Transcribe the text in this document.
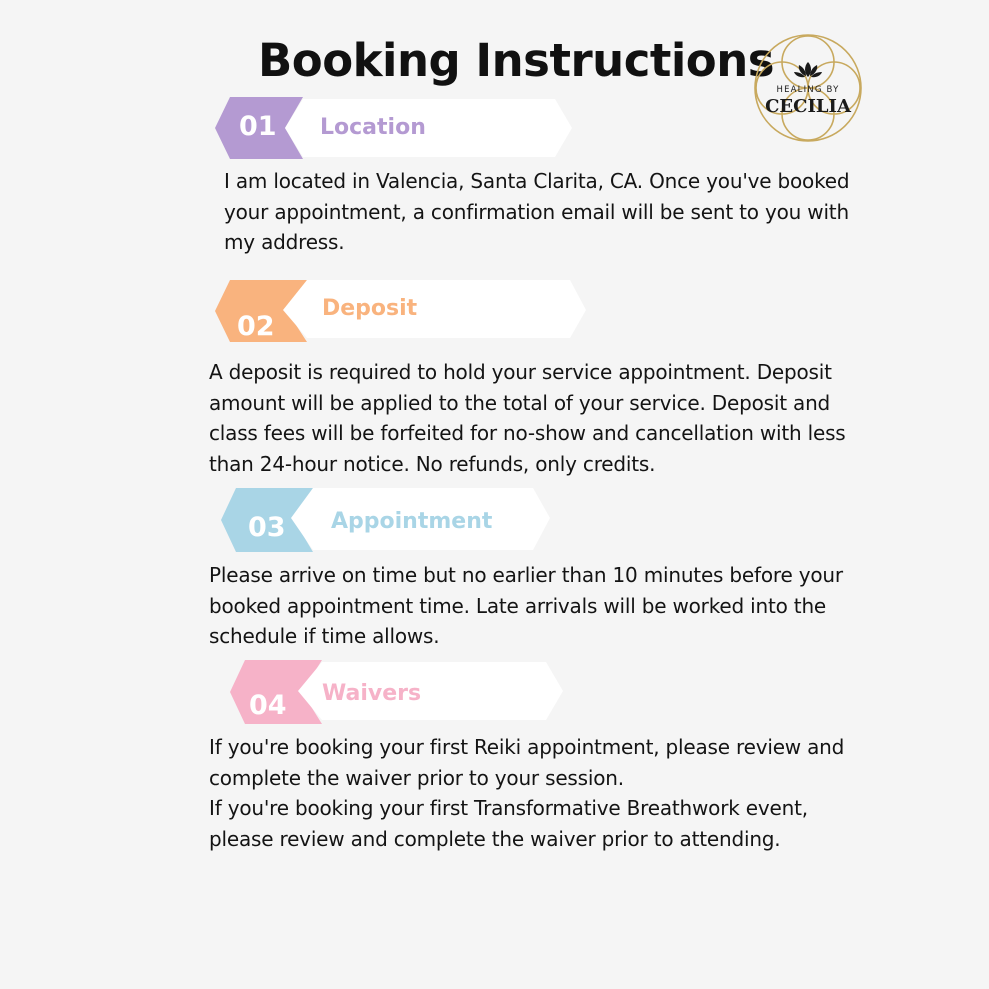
Booking Instructions
HEALING BY
CECILIA
01 Location

I am located in Valencia, Santa Clarita, CA. Once you've booked your appointment, a confirmation email will be sent to you with my address.

02
Deposit

A deposit is required to hold your service appointment. Deposit amount will be applied to the total of your service. Deposit and class fees will be forfeited for no-show and cancellation with less than 24-hour notice. No refunds, only credits.

03 Appointment

Please arrive on time but no earlier than 10 minutes before your booked appointment time. Late arrivals will be worked into the schedule if time allows.

04 Waivers

If you're booking your first Reiki appointment, please review and complete the waiver prior to your session.

If you're booking your first Transformative Breathwork event, please review and complete the waiver prior to attending.
